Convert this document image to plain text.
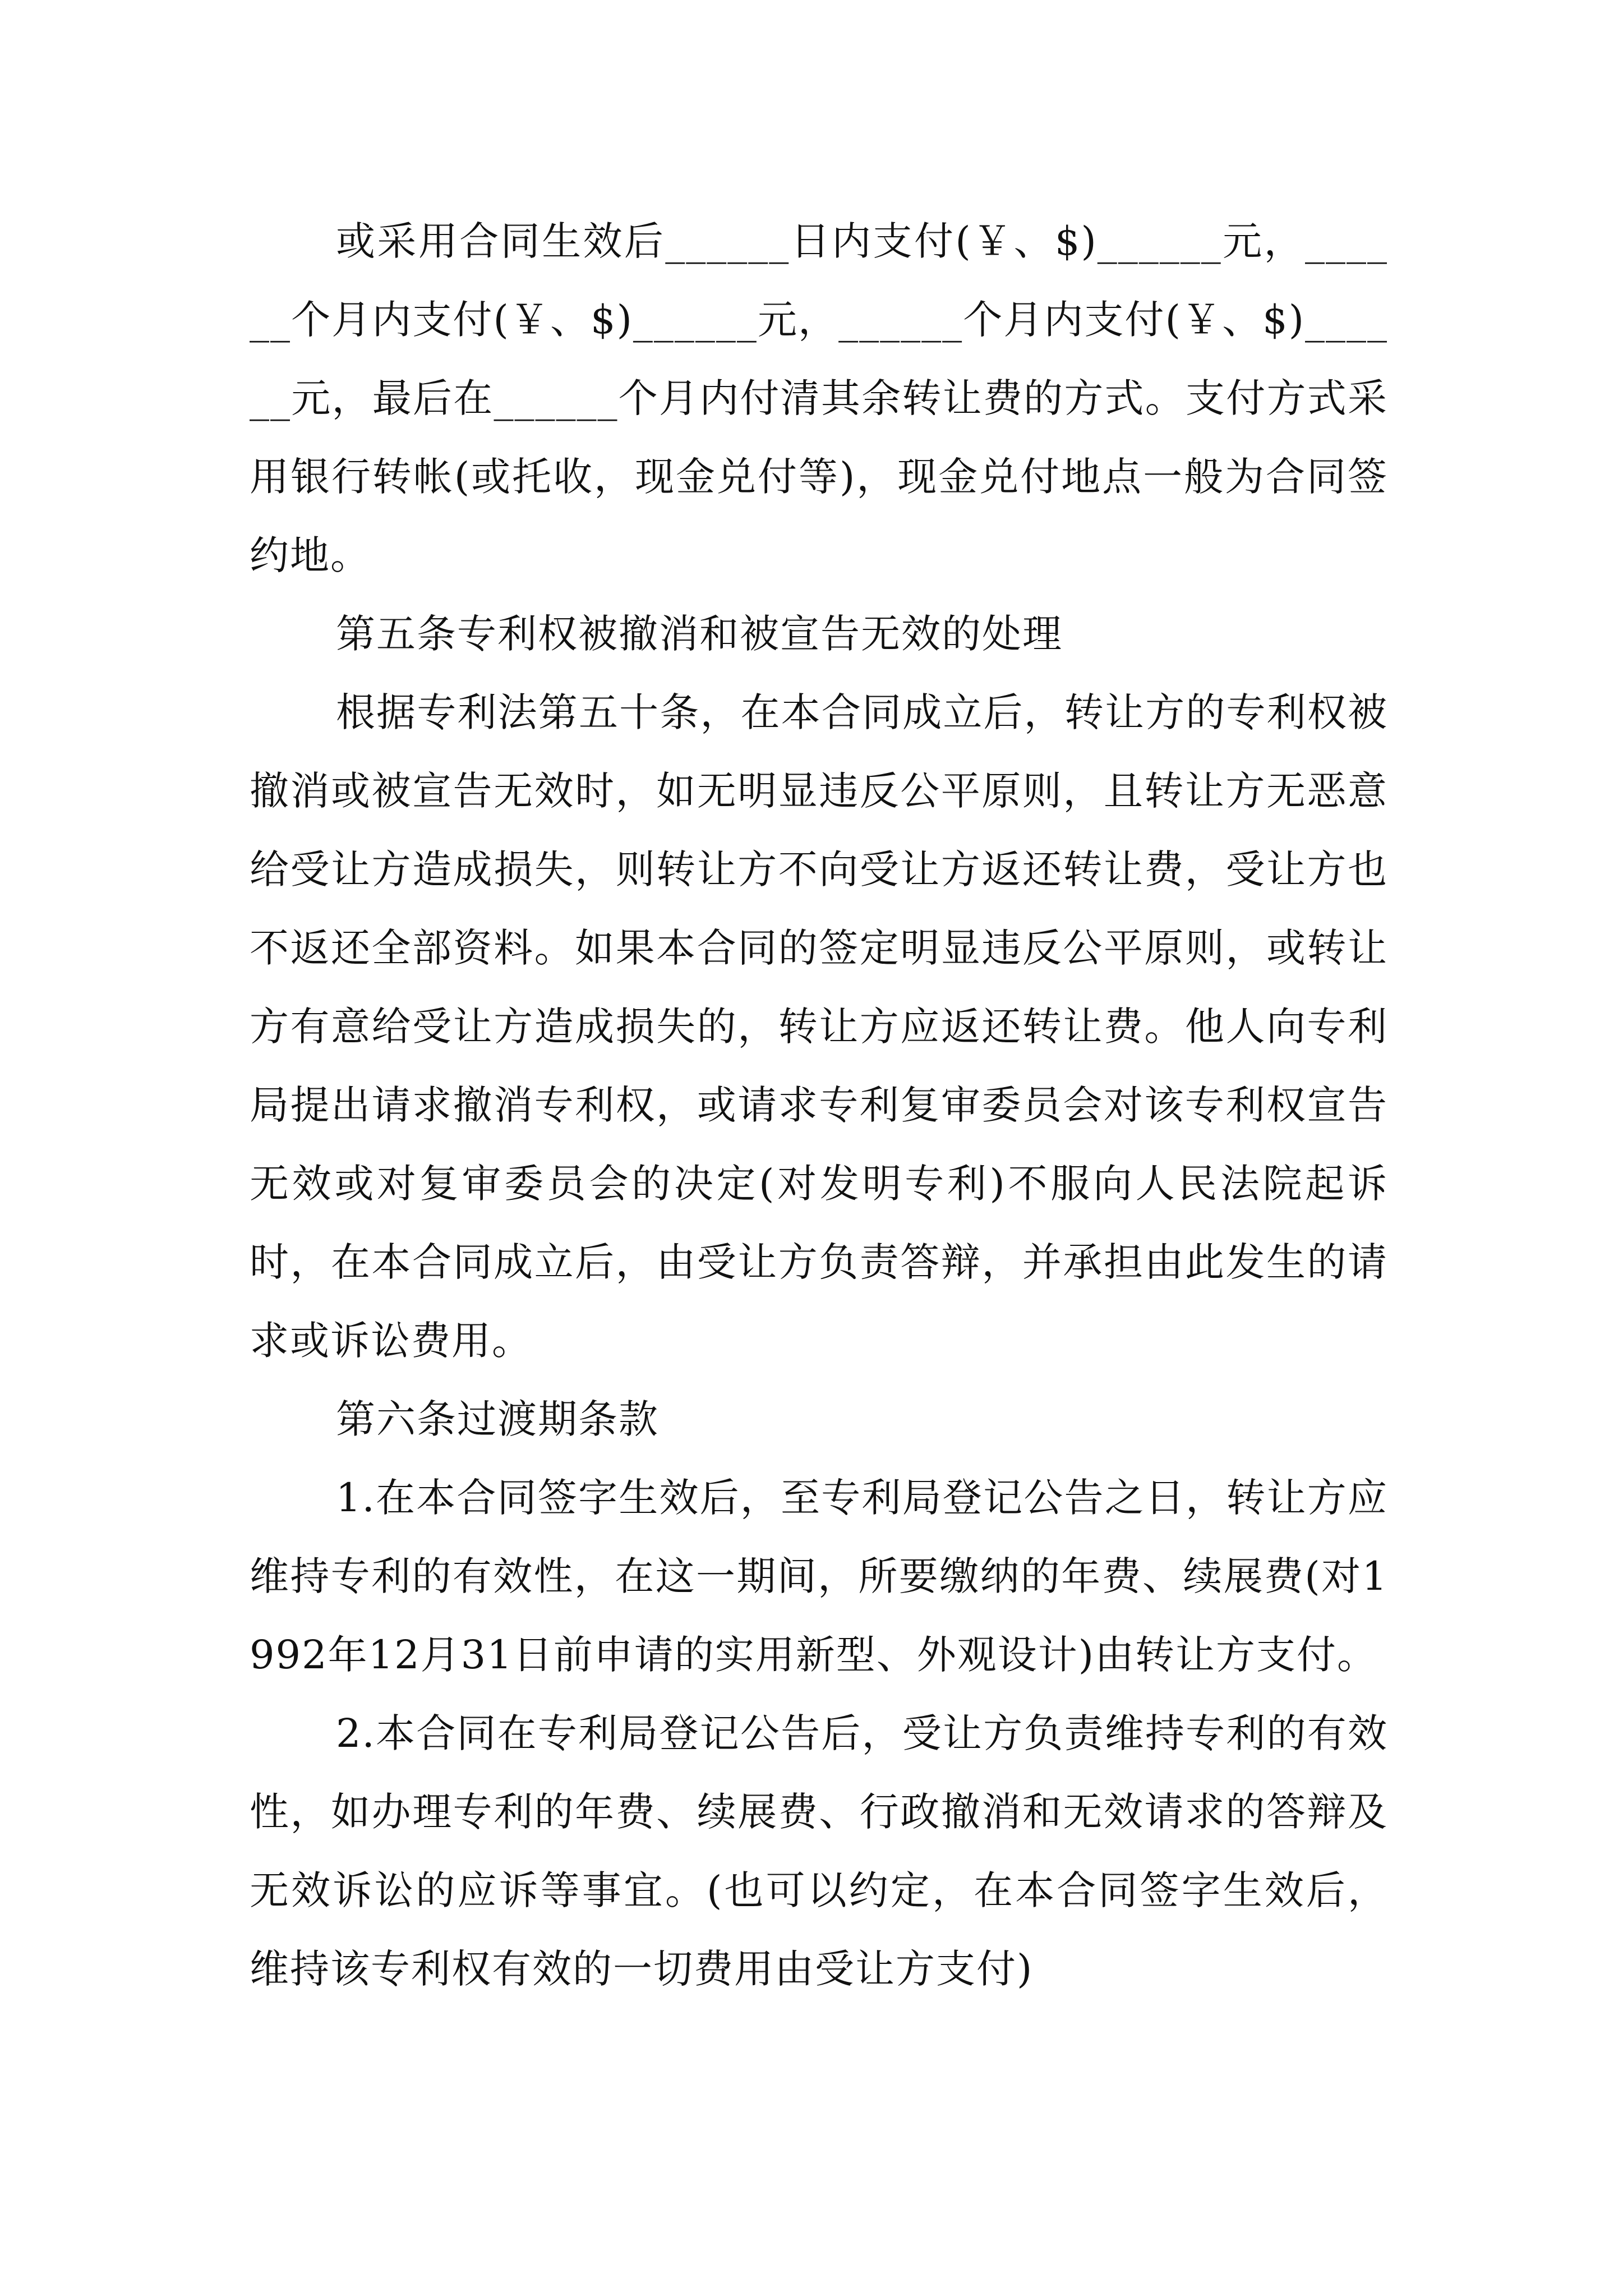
或采用合同生效后______日内支付(￥、$)______元，______个月内支付(￥、$)______元，______个月内支付(￥、$)______元，最后在______个月内付清其余转让费的方式。支付方式采用银行转帐(或托收，现金兑付等)，现金兑付地点一般为合同签约地。

第五条专利权被撤消和被宣告无效的处理

根据专利法第五十条，在本合同成立后，转让方的专利权被撤消或被宣告无效时，如无明显违反公平原则，且转让方无恶意给受让方造成损失，则转让方不向受让方返还转让费，受让方也不返还全部资料。如果本合同的签定明显违反公平原则，或转让方有意给受让方造成损失的，转让方应返还转让费。他人向专利局提出请求撤消专利权，或请求专利复审委员会对该专利权宣告无效或对复审委员会的决定(对发明专利)不服向人民法院起诉时，在本合同成立后，由受让方负责答辩，并承担由此发生的请求或诉讼费用。

第六条过渡期条款

1.在本合同签字生效后，至专利局登记公告之日，转让方应维持专利的有效性，在这一期间，所要缴纳的年费、续展费(对1992年12月31日前申请的实用新型、外观设计)由转让方支付。

2.本合同在专利局登记公告后，受让方负责维持专利的有效性，如办理专利的年费、续展费、行政撤消和无效请求的答辩及无效诉讼的应诉等事宜。(也可以约定，在本合同签字生效后，维持该专利权有效的一切费用由受让方支付)
